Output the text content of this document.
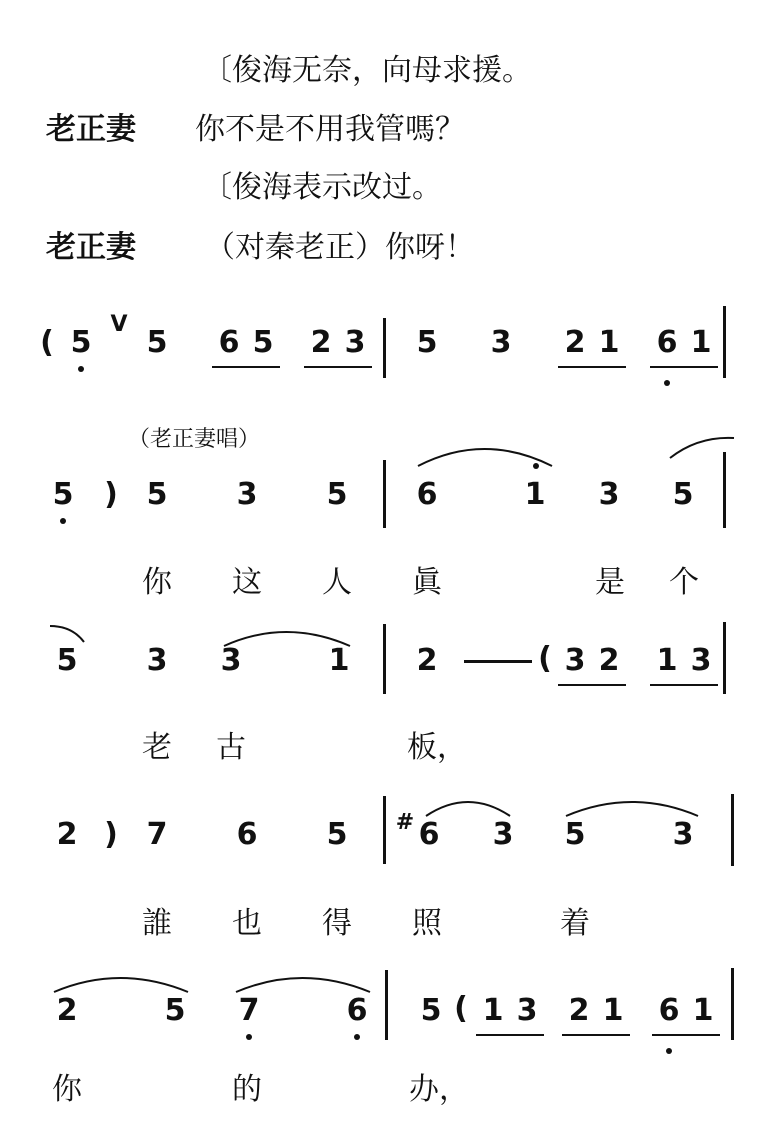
〔俊海无奈，向母求援。
老正妻 你不是不用我管嗎？
〔俊海表示改过。
老正妻 （对秦老正）你呀！
( 5
V
5 6 5 2 3 5 3 2 1 6 1
（老正妻唱）
5 ) 5 3 5 6	1 3 5
你 这 人 眞	是 个
5 3 3	1 2	( 3 2 1 3
老 古	板，
2 ) 7 6 5 # 6 3 5	3
誰 也 得 照	着
2	5 7	6 5 ( 1 3 2 1 6 1
你	的	办，
